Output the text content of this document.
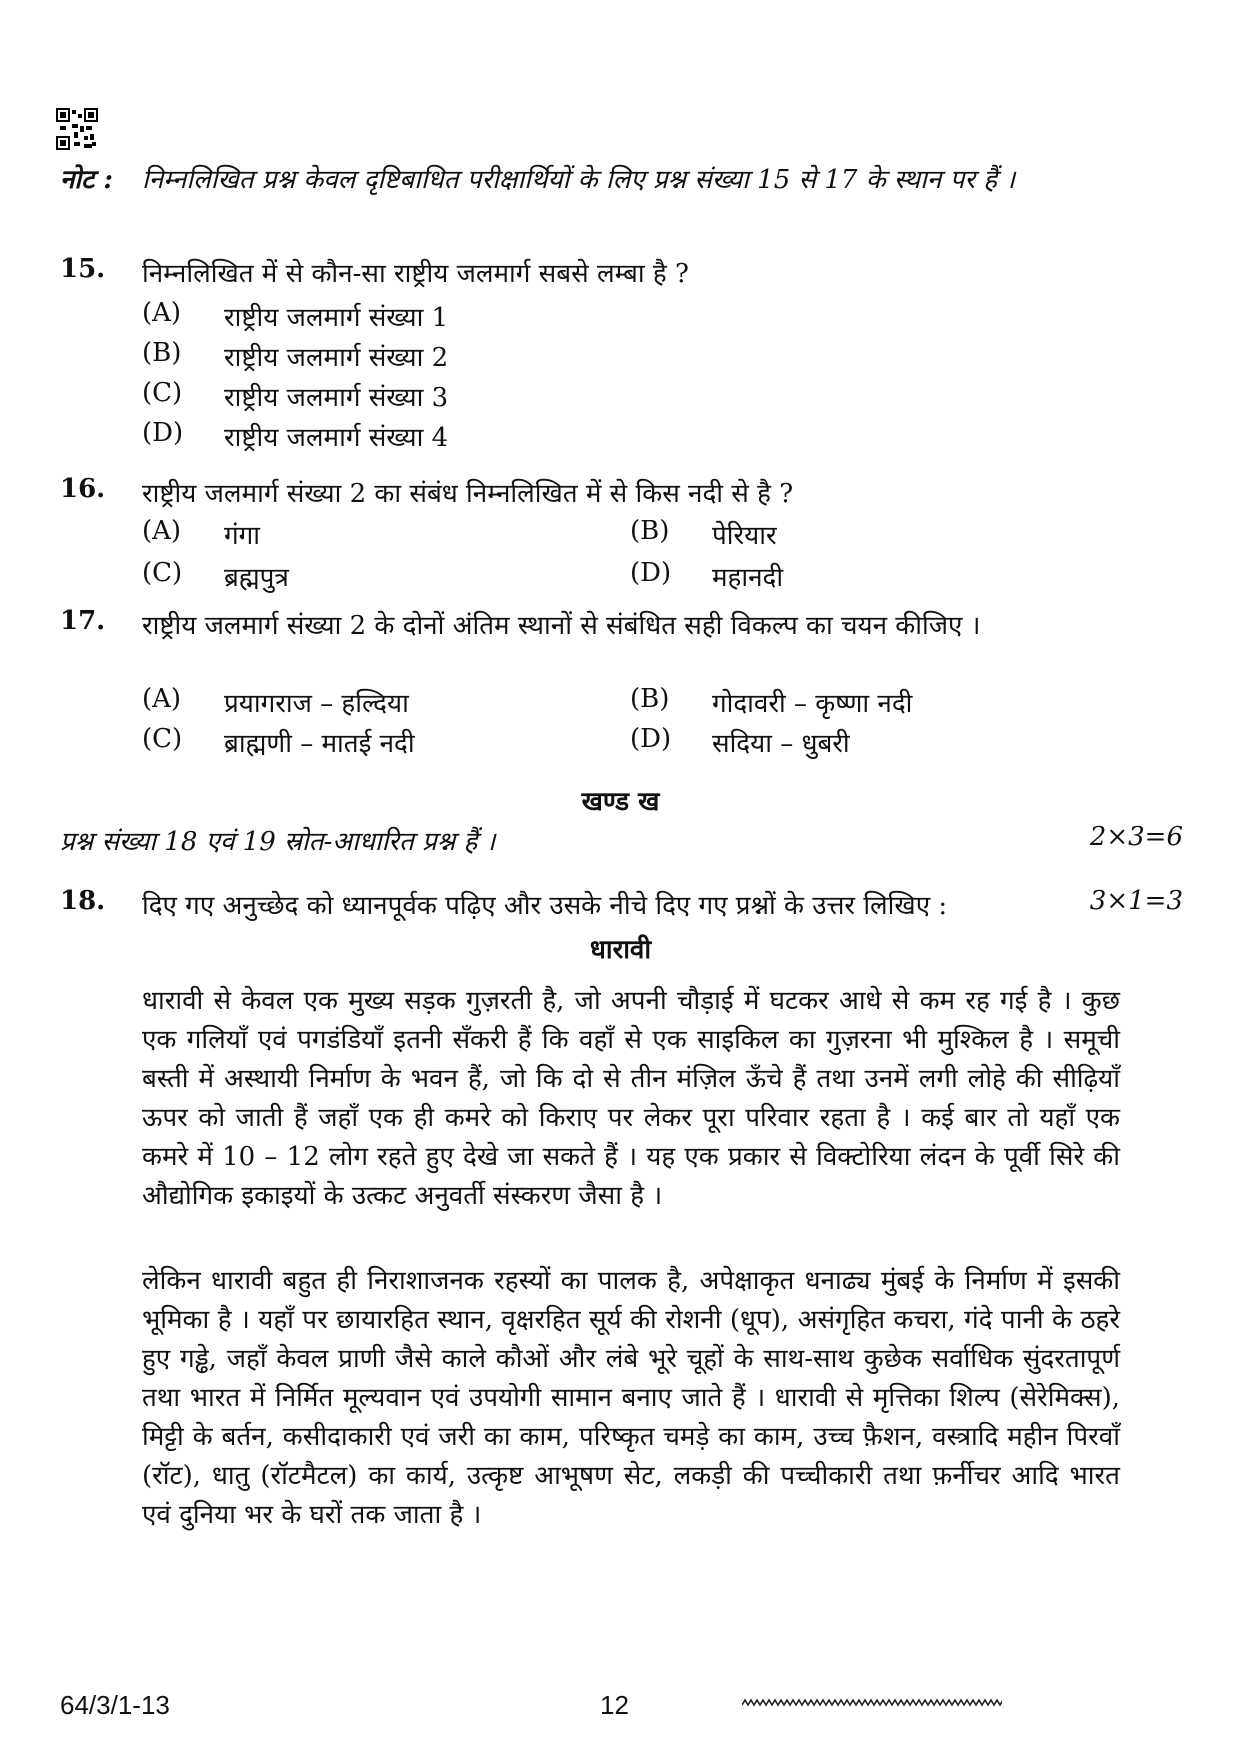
नोट : निम्नलिखित प्रश्न केवल दृष्टिबाधित परीक्षार्थियों के लिए प्रश्न संख्या 15 से 17 के स्थान पर हैं ।
15. निम्नलिखित में से कौन-सा राष्ट्रीय जलमार्ग सबसे लम्बा है ?
(A) राष्ट्रीय जलमार्ग संख्या 1
(B) राष्ट्रीय जलमार्ग संख्या 2
(C) राष्ट्रीय जलमार्ग संख्या 3
(D) राष्ट्रीय जलमार्ग संख्या 4
16. राष्ट्रीय जलमार्ग संख्या 2 का संबंध निम्नलिखित में से किस नदी से है ?
(A) गंगा	(B) पेरियार
(C) ब्रह्मपुत्र	(D) महानदी
17. राष्ट्रीय जलमार्ग संख्या 2 के दोनों अंतिम स्थानों से संबंधित सही विकल्प का चयन कीजिए ।
(A) प्रयागराज – हल्दिया	(B) गोदावरी – कृष्णा नदी
(C) ब्राह्मणी – मातई नदी	(D) सदिया – धुबरी
खण्ड ख
प्रश्न संख्या 18 एवं 19 स्रोत-आधारित प्रश्न हैं ।	2×3=6
18. दिए गए अनुच्छेद को ध्यानपूर्वक पढ़िए और उसके नीचे दिए गए प्रश्नों के उत्तर लिखिए :	3×1=3
धारावी
धारावी से केवल एक मुख्य सड़क गुज़रती है, जो अपनी चौड़ाई में घटकर आधे से कम रह गई है । कुछ एक गलियाँ एवं पगडंडियाँ इतनी सँकरी हैं कि वहाँ से एक साइकिल का गुज़रना भी मुश्किल है । समूची बस्ती में अस्थायी निर्माण के भवन हैं, जो कि दो से तीन मंज़िल ऊँचे हैं तथा उनमें लगी लोहे की सीढ़ियाँ ऊपर को जाती हैं जहाँ एक ही कमरे को किराए पर लेकर पूरा परिवार रहता है । कई बार तो यहाँ एक कमरे में 10 – 12 लोग रहते हुए देखे जा सकते हैं । यह एक प्रकार से विक्टोरिया लंदन के पूर्वी सिरे की औद्योगिक इकाइयों के उत्कट अनुवर्ती संस्करण जैसा है ।
लेकिन धारावी बहुत ही निराशाजनक रहस्यों का पालक है, अपेक्षाकृत धनाढ्य मुंबई के निर्माण में इसकी भूमिका है । यहाँ पर छायारहित स्थान, वृक्षरहित सूर्य की रोशनी (धूप), असंगृहित कचरा, गंदे पानी के ठहरे हुए गड्ढे, जहाँ केवल प्राणी जैसे काले कौओं और लंबे भूरे चूहों के साथ-साथ कुछेक सर्वाधिक सुंदरतापूर्ण तथा भारत में निर्मित मूल्यवान एवं उपयोगी सामान बनाए जाते हैं । धारावी से मृत्तिका शिल्प (सेरेमिक्स), मिट्टी के बर्तन, कसीदाकारी एवं जरी का काम, परिष्कृत चमड़े का काम, उच्च फ़ैशन, वस्त्रादि महीन पिरवाँ (रॉट), धातु (रॉटमैटल) का कार्य, उत्कृष्ट आभूषण सेट, लकड़ी की पच्चीकारी तथा फ़र्नीचर आदि भारत एवं दुनिया भर के घरों तक जाता है ।
64/3/1-13	12
